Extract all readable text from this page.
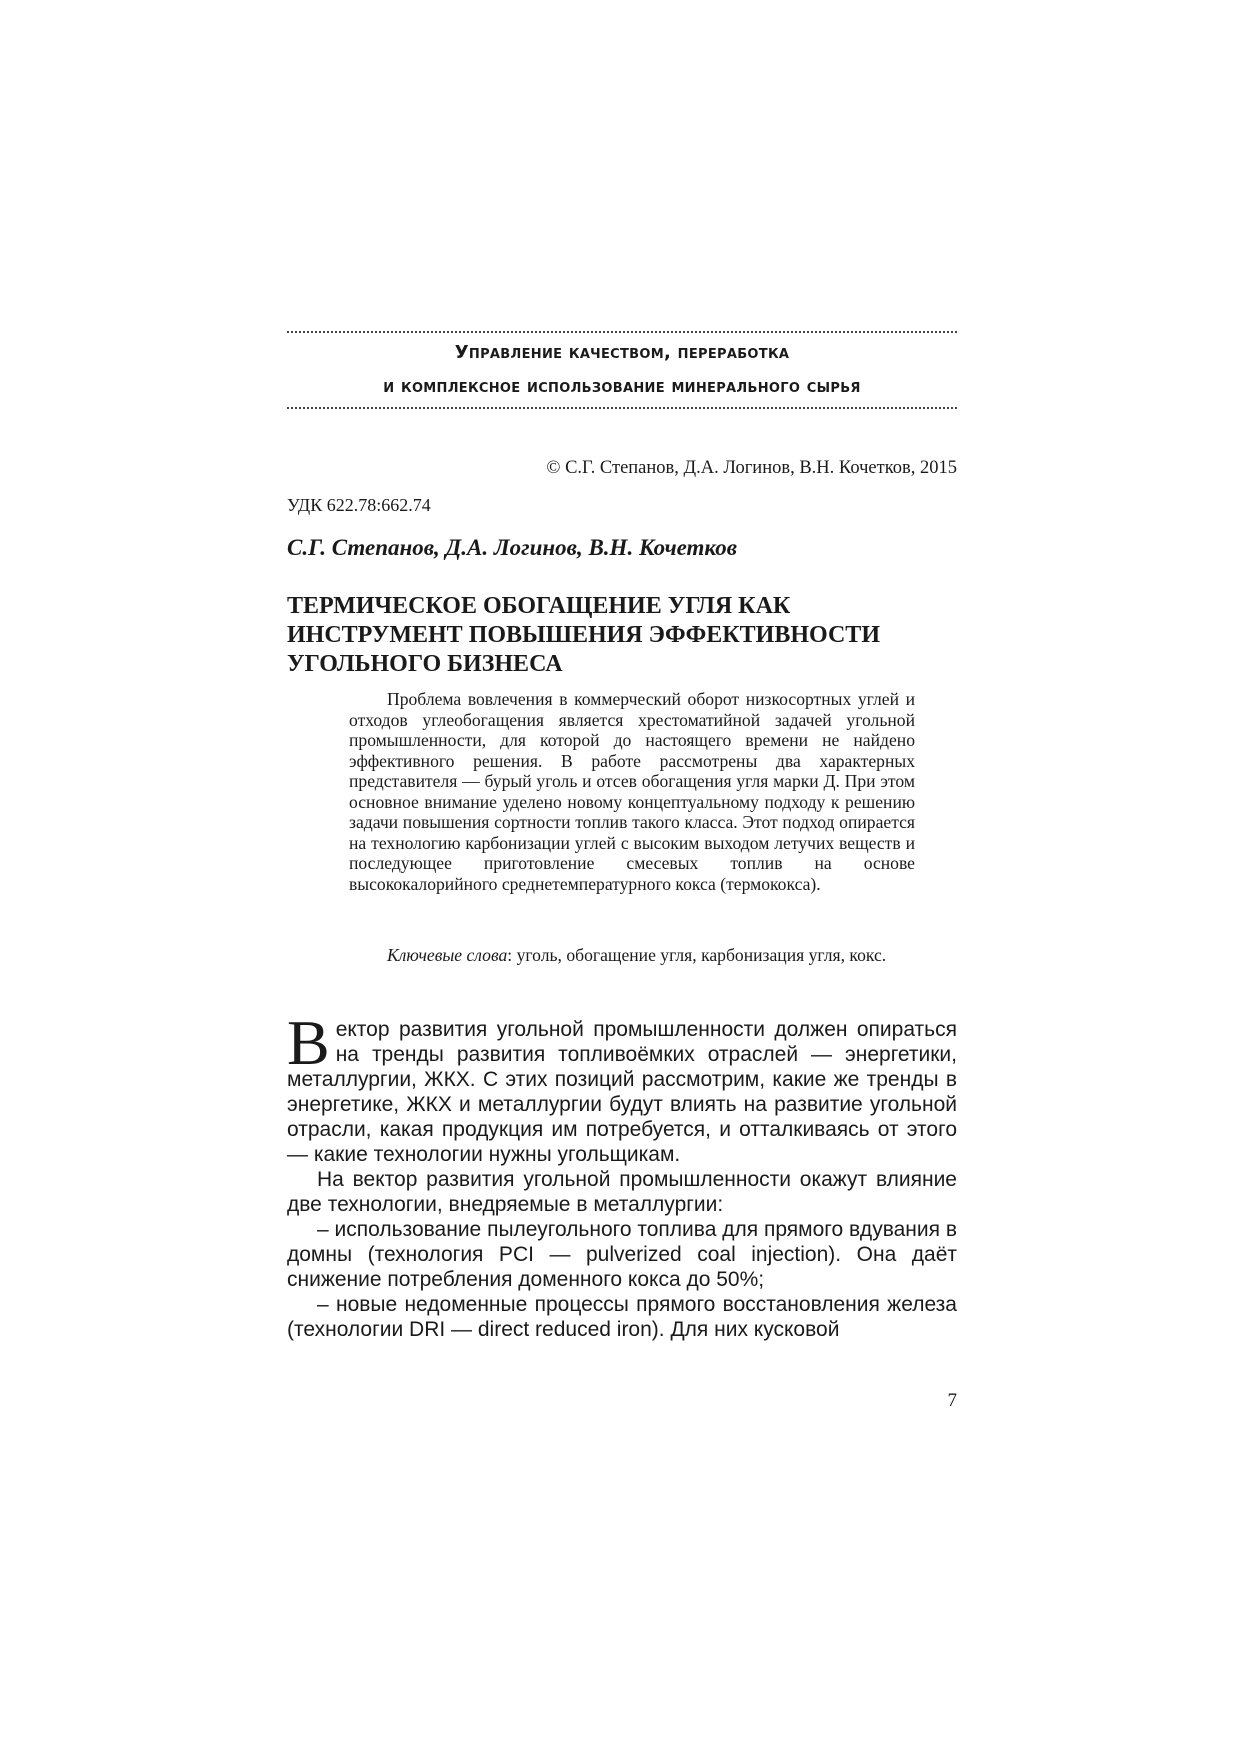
Управление качеством, переработка
и комплексное использование минерального сырья
© С.Г. Степанов, Д.А. Логинов, В.Н. Кочетков, 2015
УДК 622.78:662.74
С.Г. Степанов, Д.А. Логинов, В.Н. Кочетков
ТЕРМИЧЕСКОЕ ОБОГАЩЕНИЕ УГЛЯ КАК ИНСТРУМЕНТ ПОВЫШЕНИЯ ЭФФЕКТИВНОСТИ УГОЛЬНОГО БИЗНЕСА

Проблема вовлечения в коммерческий оборот низкосортных углей и отходов углеобогащения является хрестоматийной задачей угольной промышленности, для которой до настоящего времени не найдено эффективного решения. В работе рассмотрены два характерных представителя — бурый уголь и отсев обогащения угля марки Д. При этом основное внимание уделено новому концептуальному подходу к решению задачи повышения сортности топлив такого класса. Этот подход опирается на технологию карбонизации углей с высоким выходом летучих веществ и последующее приготовление смесевых топлив на основе высококалорийного среднетемпературного кокса (термококса).

Ключевые слова: уголь, обогащение угля, карбонизация угля, кокс.

Вектор развития угольной промышленности должен опираться на тренды развития топливоёмких отраслей — энергетики, металлургии, ЖКХ. С этих позиций рассмотрим, какие же тренды в энергетике, ЖКХ и металлургии будут влиять на развитие угольной отрасли, какая продукция им потребуется, и отталкиваясь от этого — какие технологии нужны угольщикам.

На вектор развития угольной промышленности окажут влияние две технологии, внедряемые в металлургии:

– использование пылеугольного топлива для прямого вдувания в домны (технология PCI — pulverized coal injection). Она даёт снижение потребления доменного кокса до 50%;

– новые недоменные процессы прямого восстановления железа (технологии DRI — direct reduced iron). Для них кусковой

7
